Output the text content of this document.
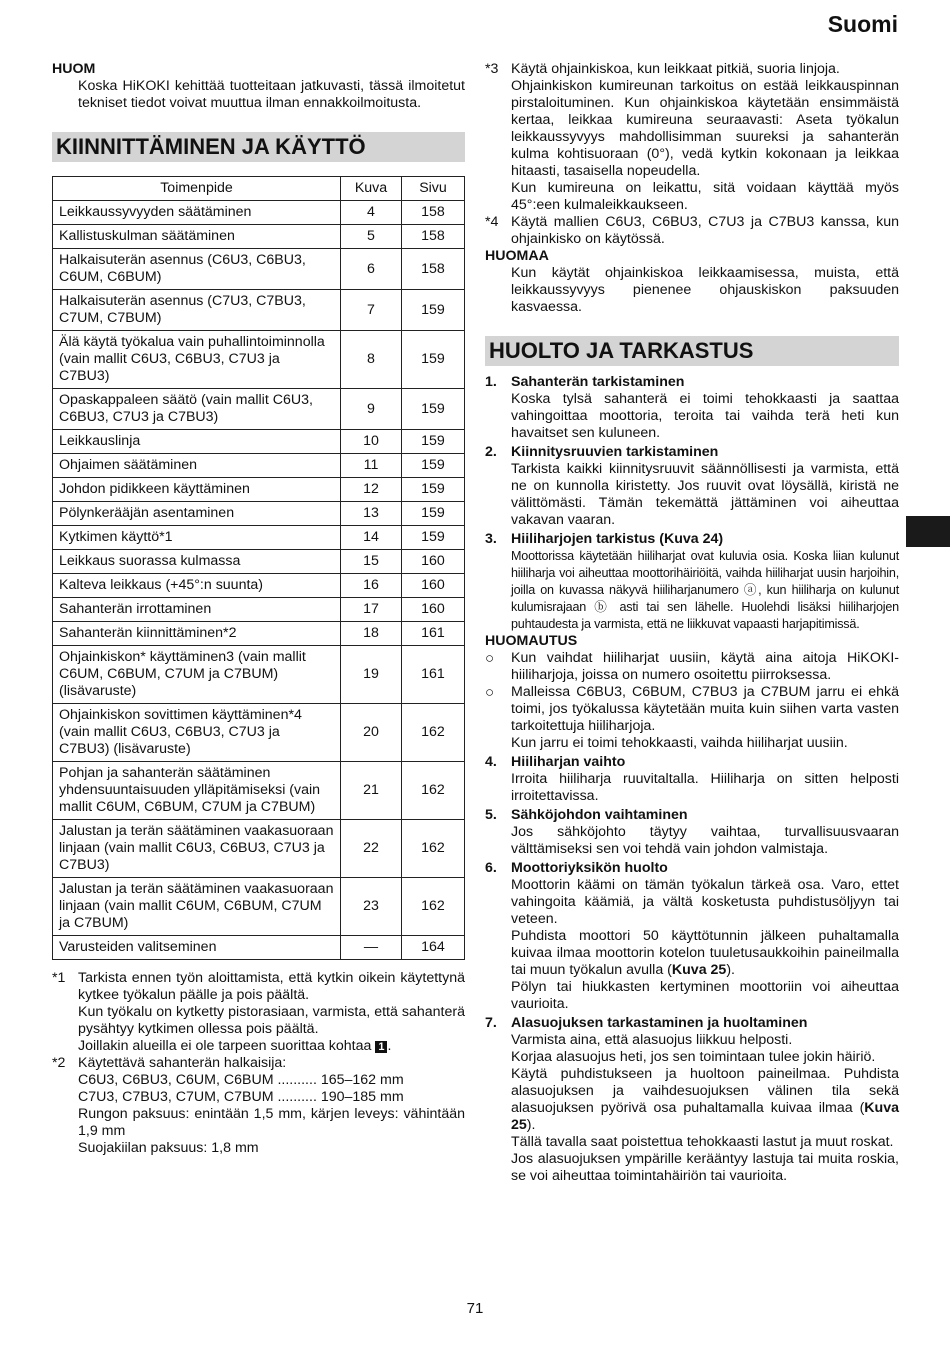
Suomi
HUOM
Koska HiKOKI kehittää tuotteitaan jatkuvasti, tässä ilmoitetut tekniset tiedot voivat muuttua ilman ennakkoilmoitusta.
KIINNITTÄMINEN JA KÄYTTÖ
Toimenpide	Kuva	Sivu
Leikkaussyvyyden säätäminen	4	158
Kallistuskulman säätäminen	5	158
Halkaisuterän asennus (C6U3, C6BU3, C6UM, C6BUM)	6	158
Halkaisuterän asennus (C7U3, C7BU3, C7UM, C7BUM)	7	159
Älä käytä työkalua vain puhallintoiminnolla (vain mallit C6U3, C6BU3, C7U3 ja C7BU3)	8	159
Opaskappaleen säätö (vain mallit C6U3, C6BU3, C7U3 ja C7BU3)	9	159
Leikkauslinja	10	159
Ohjaimen säätäminen	11	159
Johdon pidikkeen käyttäminen	12	159
Pölynkerääjän asentaminen	13	159
Kytkimen käyttö*1	14	159
Leikkaus suorassa kulmassa	15	160
Kalteva leikkaus (+45°:n suunta)	16	160
Sahanterän irrottaminen	17	160
Sahanterän kiinnittäminen*2	18	161
Ohjainkiskon* käyttäminen3 (vain mallit C6UM, C6BUM, C7UM ja C7BUM) (lisävaruste)	19	161
Ohjainkiskon sovittimen käyttäminen*4 (vain mallit C6U3, C6BU3, C7U3 ja C7BU3) (lisävaruste)	20	162
Pohjan ja sahanterän säätäminen yhdensuuntaisuuden ylläpitämiseksi (vain mallit C6UM, C6BUM, C7UM ja C7BUM)	21	162
Jalustan ja terän säätäminen vaakasuoraan linjaan (vain mallit C6U3, C6BU3, C7U3 ja C7BU3)	22	162
Jalustan ja terän säätäminen vaakasuoraan linjaan (vain mallit C6UM, C6BUM, C7UM ja C7BUM)	23	162
Varusteiden valitseminen	—	164
*1 Tarkista ennen työn aloittamista, että kytkin oikein käytettynä kytkee työkalun päälle ja pois päältä.
Kun työkalu on kytketty pistorasiaan, varmista, että sahanterä pysähtyy kytkimen ollessa pois päältä.
Joillakin alueilla ei ole tarpeen suorittaa kohtaa 1 .
*2 Käytettävä sahanterän halkaisija:
C6U3, C6BU3, C6UM, C6BUM .......... 165–162 mm
C7U3, C7BU3, C7UM, C7BUM .......... 190–185 mm
Rungon paksuus: enintään 1,5 mm, kärjen leveys: vähintään 1,9 mm
Suojakiilan paksuus: 1,8 mm
*3 Käytä ohjainkiskoa, kun leikkaat pitkiä, suoria linjoja.
Ohjainkiskon kumireunan tarkoitus on estää leikkauspinnan pirstaloituminen. Kun ohjainkiskoa käytetään ensimmäistä kertaa, leikkaa kumireuna seuraavasti: Aseta työkalun leikkaussyvyys mahdollisimman suureksi ja sahanterän kulma kohtisuoraan (0°), vedä kytkin kokonaan ja leikkaa hitaasti, tasaisella nopeudella.
Kun kumireuna on leikattu, sitä voidaan käyttää myös 45°:een kulmaleikkaukseen.
*4 Käytä mallien C6U3, C6BU3, C7U3 ja C7BU3 kanssa, kun ohjainkisko on käytössä.
HUOMAA
Kun käytät ohjainkiskoa leikkaamisessa, muista, että leikkaussyvyys pienenee ohjauskiskon paksuuden kasvaessa.
HUOLTO JA TARKASTUS
1. Sahanterän tarkistaminen
Koska tylsä sahanterä ei toimi tehokkaasti ja saattaa vahingoittaa moottoria, teroita tai vaihda terä heti kun havaitset sen kuluneen.
2. Kiinnitysruuvien tarkistaminen
Tarkista kaikki kiinnitysruuvit säännöllisesti ja varmista, että ne on kunnolla kiristetty. Jos ruuvit ovat löysällä, kiristä ne välittömästi. Tämän tekemättä jättäminen voi aiheuttaa vakavan vaaran.
3. Hiiliharjojen tarkistus (Kuva 24)
Moottorissa käytetään hiiliharjat ovat kuluvia osia. Koska liian kulunut hiiliharja voi aiheuttaa moottorihäiriöitä, vaihda hiiliharjat uusin harjoihin, joilla on kuvassa näkyvä hiiliharjanumero ⓐ, kun hiiliharja on kulunut kulumisrajaan ⓑ asti tai sen lähelle. Huolehdi lisäksi hiiliharjojen puhtaudesta ja varmista, että ne liikkuvat vapaasti harjapitimissä.
HUOMAUTUS
○	Kun vaihdat hiiliharjat uusiin, käytä aina aitoja HiKOKI-hiiliharjoja, joissa on numero osoitettu piirroksessa.
○	Malleissa C6BU3, C6BUM, C7BU3 ja C7BUM jarru ei ehkä toimi, jos työkalussa käytetään muita kuin siihen varta vasten tarkoitettuja hiiliharjoja.
Kun jarru ei toimi tehokkaasti, vaihda hiiliharjat uusiin.
4. Hiiliharjan vaihto
Irroita hiiliharja ruuvitaltalla. Hiiliharja on sitten helposti irroitettavissa.
5. Sähköjohdon vaihtaminen
Jos sähköjohto täytyy vaihtaa, turvallisuusvaaran välttämiseksi sen voi tehdä vain johdon valmistaja.
6. Moottoriyksikön huolto
Moottorin käämi on tämän työkalun tärkeä osa. Varo, ettet vahingoita käämiä, ja vältä kosketusta puhdistusöljyyn tai veteen.
Puhdista moottori 50 käyttötunnin jälkeen puhaltamalla kuivaa ilmaa moottorin kotelon tuuletusaukkoihin paineilmalla tai muun työkalun avulla (Kuva 25).
Pölyn tai hiukkasten kertyminen moottoriin voi aiheuttaa vaurioita.
7. Alasuojuksen tarkastaminen ja huoltaminen
Varmista aina, että alasuojus liikkuu helposti.
Korjaa alasuojus heti, jos sen toimintaan tulee jokin häiriö.
Käytä puhdistukseen ja huoltoon paineilmaa. Puhdista alasuojuksen ja vaihdesuojuksen välinen tila sekä alasuojuksen pyörivä osa puhaltamalla kuivaa ilmaa (Kuva 25).
Tällä tavalla saat poistettua tehokkaasti lastut ja muut roskat.
Jos alasuojuksen ympärille kerääntyy lastuja tai muita roskia, se voi aiheuttaa toimintahäiriön tai vaurioita.
71
